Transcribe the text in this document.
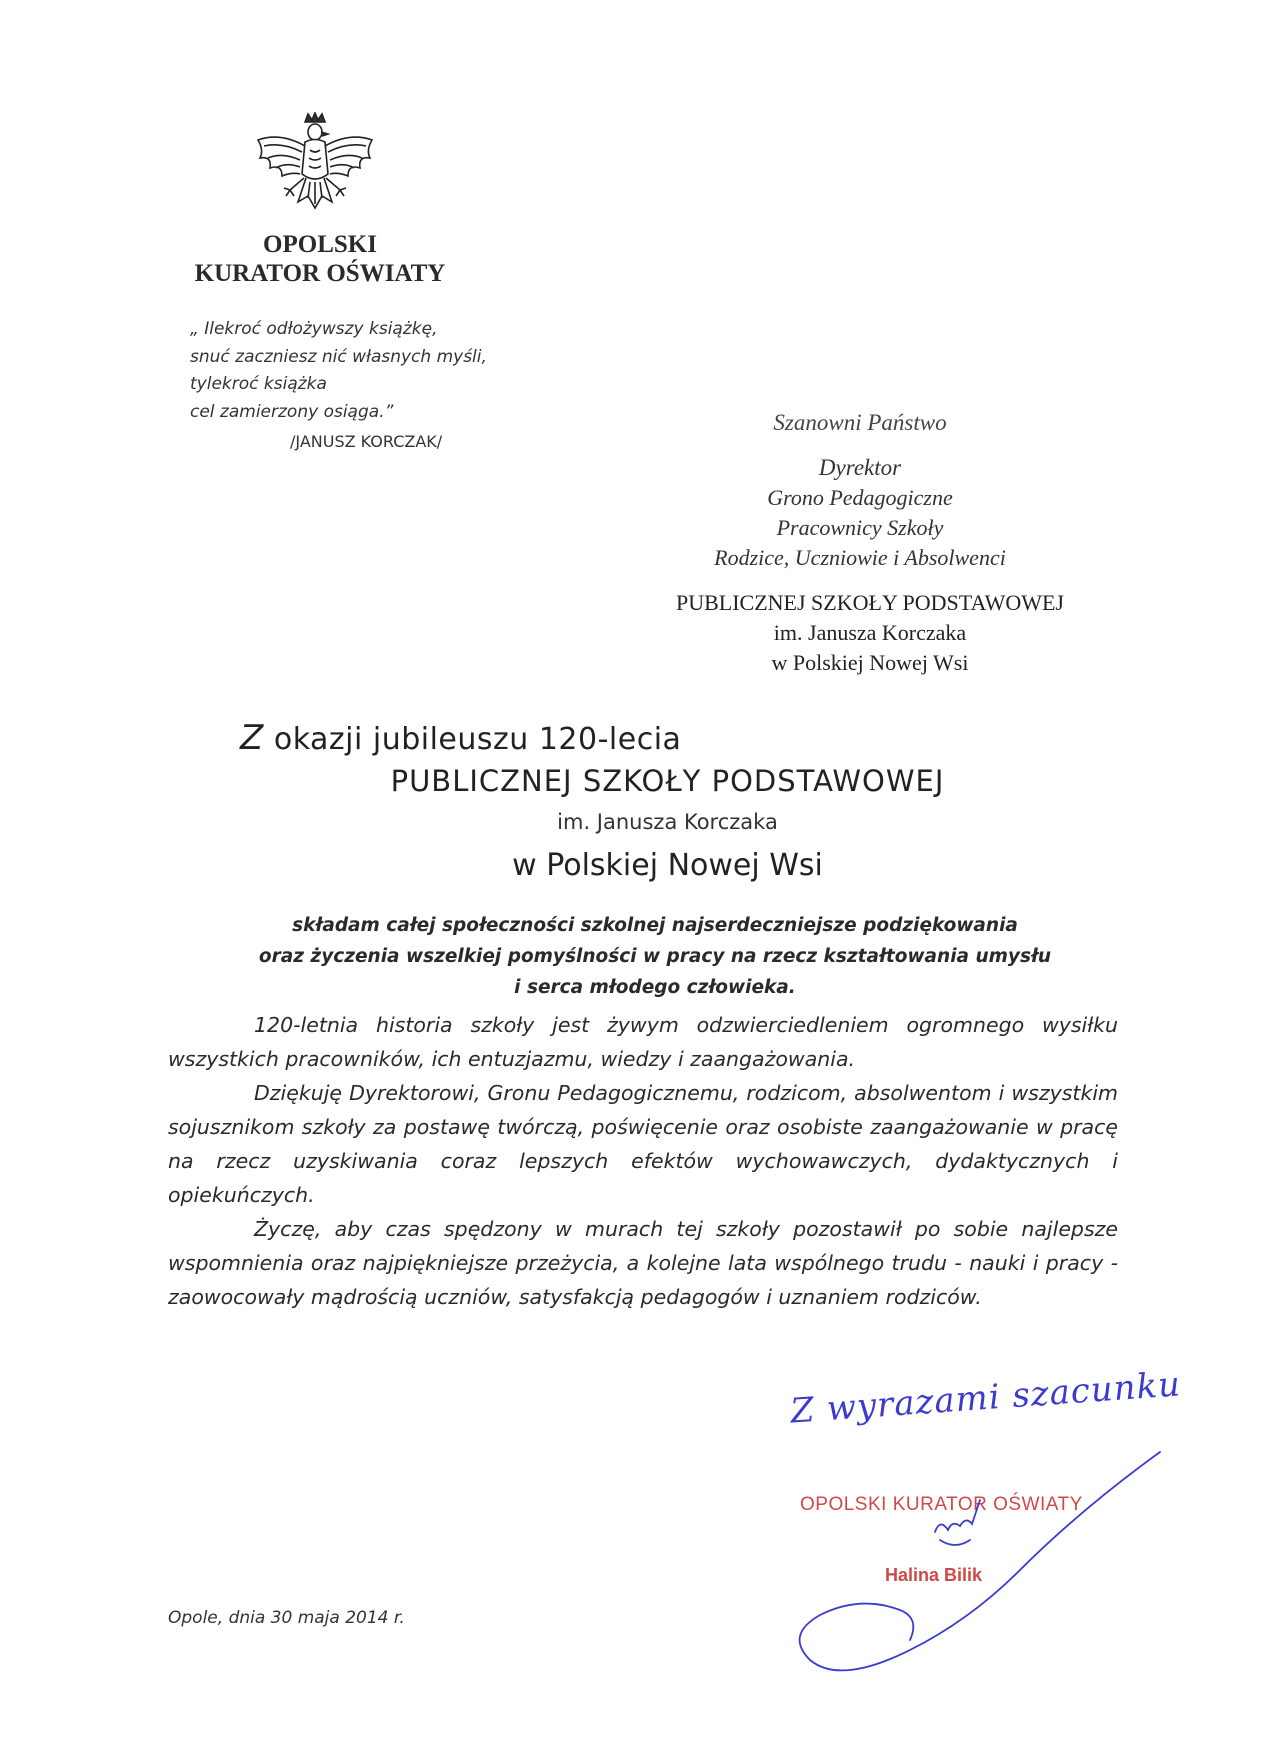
OPOLSKI
KURATOR OŚWIATY
„ Ilekroć odłożywszy książkę,
snuć zaczniesz nić własnych myśli,
tylekroć książka
cel zamierzony osiąga.”
/JANUSZ KORCZAK/
Szanowni Państwo
Dyrektor
Grono Pedagogiczne
Pracownicy Szkoły
Rodzice, Uczniowie i Absolwenci
PUBLICZNEJ SZKOŁY PODSTAWOWEJ
im. Janusza Korczaka
w Polskiej Nowej Wsi
Z okazji jubileuszu 120-lecia
PUBLICZNEJ SZKOŁY PODSTAWOWEJ
im. Janusza Korczaka
w Polskiej Nowej Wsi
składam całej społeczności szkolnej najserdeczniejsze podziękowania
oraz życzenia wszelkiej pomyślności w pracy na rzecz kształtowania umysłu
i serca młodego człowieka.

120-letnia historia szkoły jest żywym odzwierciedleniem ogromnego wysiłku wszystkich pracowników, ich entuzjazmu, wiedzy i zaangażowania.

Dziękuję Dyrektorowi, Gronu Pedagogicznemu, rodzicom, absolwentom i wszystkim sojusznikom szkoły za postawę twórczą, poświęcenie oraz osobiste zaangażowanie w pracę na rzecz uzyskiwania coraz lepszych efektów wychowawczych, dydaktycznych i opiekuńczych.

Życzę, aby czas spędzony w murach tej szkoły pozostawił po sobie najlepsze wspomnienia oraz najpiękniejsze przeżycia, a kolejne lata wspólnego trudu - nauki i pracy - zaowocowały mądrością uczniów, satysfakcją pedagogów i uznaniem rodziców.

Z wyrazami szacunku
OPOLSKI KURATOR OŚWIATY
Halina Bilik
Opole, dnia 30 maja 2014 r.
